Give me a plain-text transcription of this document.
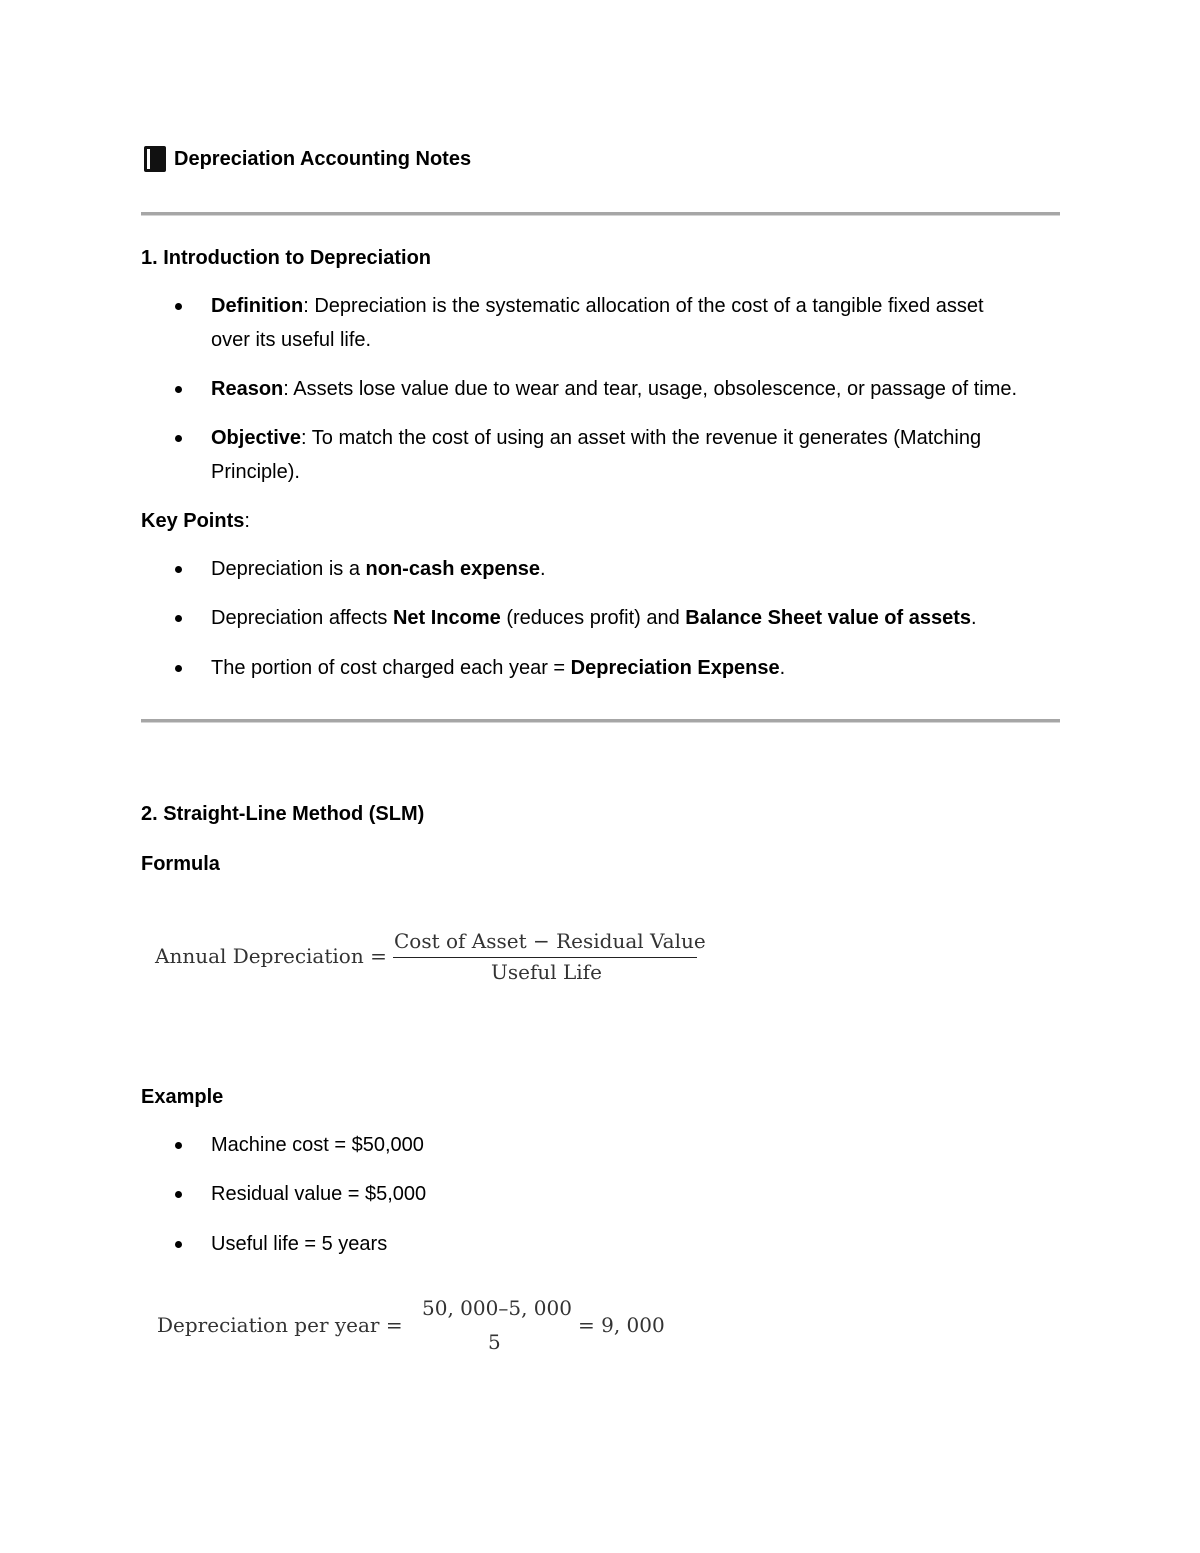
Depreciation Accounting Notes
1. Introduction to Depreciation
Definition: Depreciation is the systematic allocation of the cost of a tangible fixed asset
over its useful life.
Reason: Assets lose value due to wear and tear, usage, obsolescence, or passage of time.
Objective: To match the cost of using an asset with the revenue it generates (Matching
Principle).
Key Points:
Depreciation is a non-cash expense.
Depreciation affects Net Income (reduces profit) and Balance Sheet value of assets.
The portion of cost charged each year = Depreciation Expense.
2. Straight-Line Method (SLM)
Formula
Annual Depreciation =
Cost of Asset − Residual Value
Useful Life
Example
Machine cost = $50,000
Residual value = $5,000
Useful life = 5 years
Depreciation per year =
50, 000–5, 000
5
= 9, 000
